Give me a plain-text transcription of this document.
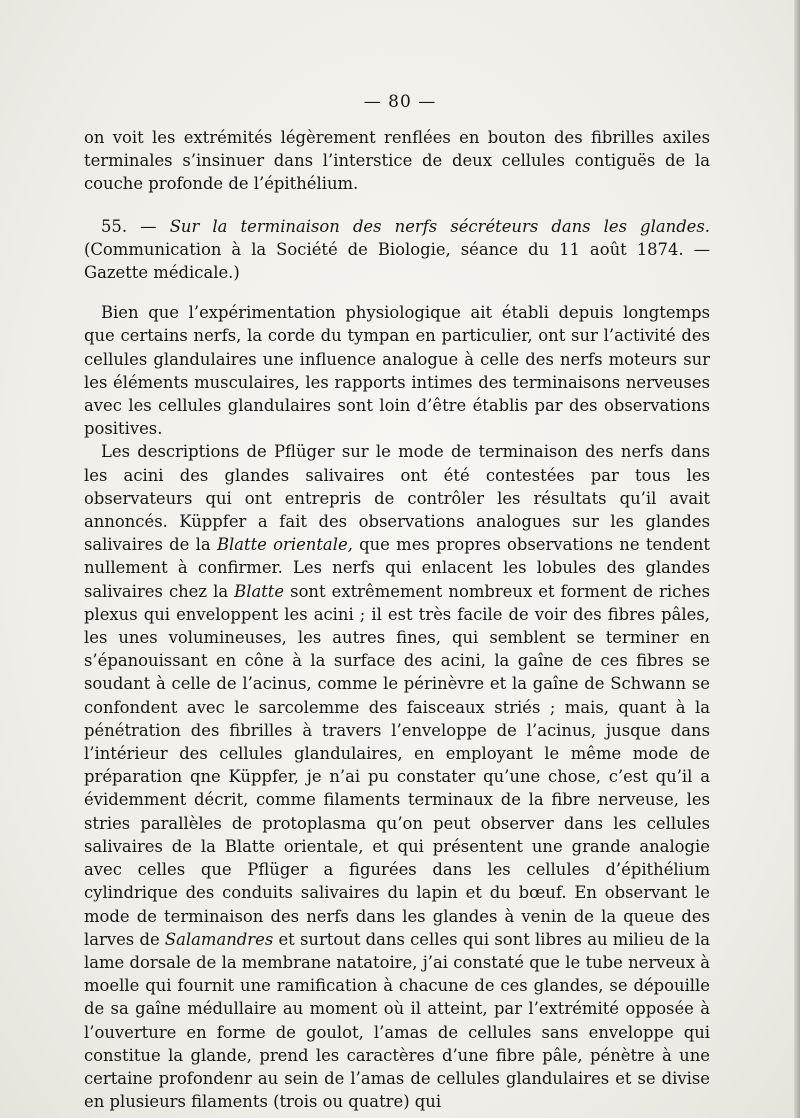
— 80 —

on voit les extrémités légèrement renflées en bouton des fibrilles axiles terminales s’insinuer dans l’interstice de deux cellules contiguës de la couche profonde de l’épithélium.

55. — Sur la terminaison des nerfs sécréteurs dans les glandes. (Communication à la Société de Biologie, séance du 11 août 1874. — Gazette médicale.)

Bien que l’expérimentation physiologique ait établi depuis longtemps que certains nerfs, la corde du tympan en particulier, ont sur l’activité des cellules glandulaires une influence analogue à celle des nerfs moteurs sur les éléments musculaires, les rapports intimes des terminaisons nerveuses avec les cellules glandulaires sont loin d’être établis par des observations positives.

Les descriptions de Pflüger sur le mode de terminaison des nerfs dans les acini des glandes salivaires ont été contestées par tous les observateurs qui ont entrepris de contrôler les résultats qu’il avait annoncés. Küppfer a fait des observations analogues sur les glandes salivaires de la Blatte orientale, que mes propres observations ne tendent nullement à confirmer. Les nerfs qui enlacent les lobules des glandes salivaires chez la Blatte sont extrêmement nombreux et forment de riches plexus qui enveloppent les acini ; il est très facile de voir des fibres pâles, les unes volumineuses, les autres fines, qui semblent se terminer en s’épanouissant en cône à la surface des acini, la gaîne de ces fibres se soudant à celle de l’acinus, comme le périnèvre et la gaîne de Schwann se confondent avec le sarcolemme des faisceaux striés ; mais, quant à la pénétration des fibrilles à travers l’enveloppe de l’acinus, jusque dans l’intérieur des cellules glandulaires, en employant le même mode de préparation qne Küppfer, je n’ai pu constater qu’une chose, c’est qu’il a évidemment décrit, comme filaments terminaux de la fibre nerveuse, les stries parallèles de protoplasma qu’on peut observer dans les cellules salivaires de la Blatte orientale, et qui présentent une grande analogie avec celles que Pflüger a figurées dans les cellules d’épithélium cylindrique des conduits salivaires du lapin et du bœuf. En observant le mode de terminaison des nerfs dans les glandes à venin de la queue des larves de Salamandres et surtout dans celles qui sont libres au milieu de la lame dorsale de la membrane natatoire, j’ai constaté que le tube nerveux à moelle qui fournit une ramification à chacune de ces glandes, se dépouille de sa gaîne médullaire au moment où il atteint, par l’extrémité opposée à l’ouverture en forme de goulot, l’amas de cellules sans enveloppe qui constitue la glande, prend les caractères d’une fibre pâle, pénètre à une certaine profondenr au sein de l’amas de cellules glandulaires et se divise en plusieurs filaments (trois ou quatre) qui
